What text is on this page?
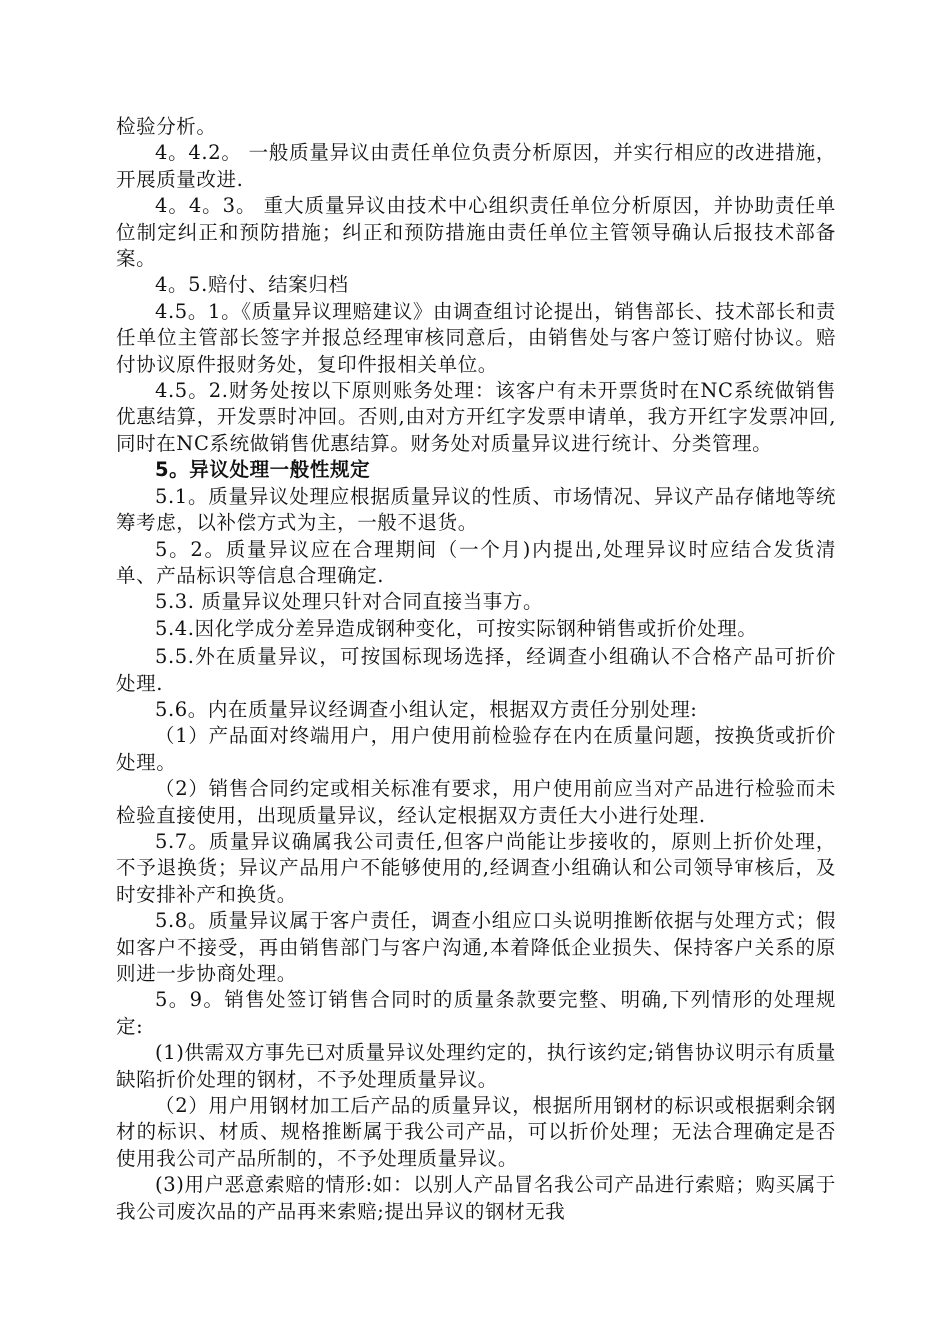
检验分析。

4。4.2。 一般质量异议由责任单位负责分析原因，并实行相应的改进措施，开展质量改进.

4。4。3。 重大质量异议由技术中心组织责任单位分析原因，并协助责任单位制定纠正和预防措施；纠正和预防措施由责任单位主管领导确认后报技术部备案。

4。5.赔付、结案归档

4.5。1。《质量异议理赔建议》由调查组讨论提出，销售部长、技术部长和责任单位主管部长签字并报总经理审核同意后，由销售处与客户签订赔付协议。赔付协议原件报财务处，复印件报相关单位。

4.5。2.财务处按以下原则账务处理：该客户有未开票货时在NC系统做销售优惠结算，开发票时冲回。否则,由对方开红字发票申请单，我方开红字发票冲回,同时在NC系统做销售优惠结算。财务处对质量异议进行统计、分类管理。

5。异议处理一般性规定

5.1。质量异议处理应根据质量异议的性质、市场情况、异议产品存储地等统筹考虑，以补偿方式为主，一般不退货。

5。2。质量异议应在合理期间（一个月)内提出,处理异议时应结合发货清单、产品标识等信息合理确定.

5.3. 质量异议处理只针对合同直接当事方。

5.4.因化学成分差异造成钢种变化，可按实际钢种销售或折价处理。

5.5.外在质量异议，可按国标现场选择，经调查小组确认不合格产品可折价处理.

5.6。内在质量异议经调查小组认定，根据双方责任分别处理:

（1）产品面对终端用户，用户使用前检验存在内在质量问题，按换货或折价处理。

（2）销售合同约定或相关标准有要求，用户使用前应当对产品进行检验而未检验直接使用，出现质量异议，经认定根据双方责任大小进行处理.

5.7。质量异议确属我公司责任,但客户尚能让步接收的，原则上折价处理，不予退换货；异议产品用户不能够使用的,经调查小组确认和公司领导审核后，及时安排补产和换货。

5.8。质量异议属于客户责任，调查小组应口头说明推断依据与处理方式；假如客户不接受，再由销售部门与客户沟通,本着降低企业损失、保持客户关系的原则进一步协商处理。

5。9。销售处签订销售合同时的质量条款要完整、明确,下列情形的处理规定:

(1)供需双方事先已对质量异议处理约定的，执行该约定;销售协议明示有质量缺陷折价处理的钢材，不予处理质量异议。

（2）用户用钢材加工后产品的质量异议，根据所用钢材的标识或根据剩余钢材的标识、材质、规格推断属于我公司产品，可以折价处理；无法合理确定是否使用我公司产品所制的，不予处理质量异议。

(3)用户恶意索赔的情形:如：以别人产品冒名我公司产品进行索赔；购买属于我公司废次品的产品再来索赔;提出异议的钢材无我
